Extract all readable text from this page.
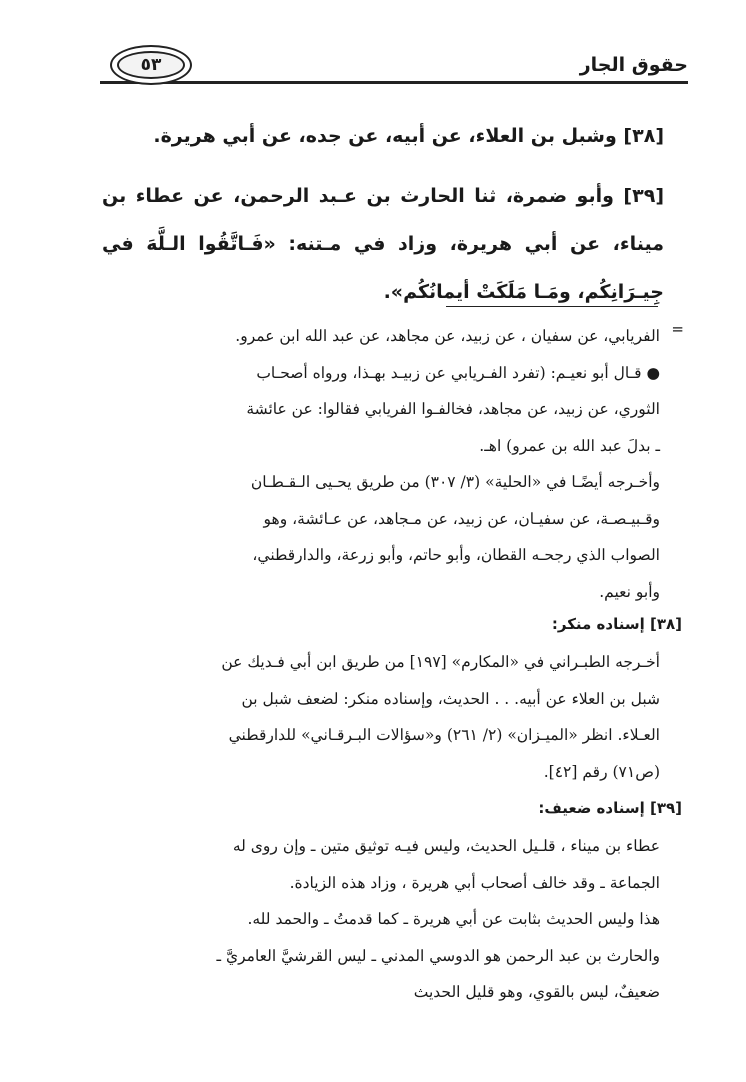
حقوق الجار
٥٣

[٣٨] وشبل بن العلاء، عن أبيه، عن جده، عن أبي هريرة.

[٣٩] وأبو ضمرة، ثنا الحارث بن عـبد الرحمن، عن عطاء بن ميناء، عن أبي هريرة، وزاد في مـتنه: «فَـاتَّقُوا الـلَّهَ في جِيـرَانِكُم، ومَـا مَلَكَتْ أيمانُكُم».

=

الفريابي، عن سفيان ، عن زبيد، عن مجاهد، عن عبد الله ابن عمرو.

● قـال أبو نعيـم: (تفرد الفـريابي عن زبيـد بهـذا، ورواه أصحـاب

الثوري، عن زبيد، عن مجاهد، فخالفـوا الفريابي فقالوا: عن عائشة

ـ بدلَ عبد الله بن عمرو) اهـ.

وأخـرجه أيضًـا في «الحلية» (٣/ ٣٠٧) من طريق يحـيى الـقـطـان

وقـبيـصـة، عن سفيـان، عن زبيد، عن مـجاهد، عن عـائشة، وهو

الصواب الذي رجحـه القطان، وأبو حاتم، وأبو زرعة، والدارقطني،

وأبو نعيم.

[٣٨] إسناده منكر:

أخـرجه الطبـراني في «المكارم» [١٩٧] من طريق ابن أبي فـديك عن

شبل بن العلاء عن أبيه. . . الحديث، وإسناده منكر: لضعف شبل بن

العـلاء. انظر «الميـزان» (٢/ ٢٦١) و«سؤالات البـرقـاني» للدارقطني

(ص٧١) رقم [٤٢].

[٣٩] إسناده ضعيف:

عطاء بن ميناء ، قلـيل الحديث، وليس فيـه توثيق متين ـ وإن روى له

الجماعة ـ وقد خالف أصحاب أبي هريرة ، وزاد هذه الزيادة.

هذا وليس الحديث بثابت عن أبي هريرة ـ كما قدمتُ ـ والحمد لله.

والحارث بن عبد الرحمن هو الدوسي المدني ـ ليس القرشيَّ العامريَّ ـ

ضعيفٌ، ليس بالقوي، وهو قليل الحديث
